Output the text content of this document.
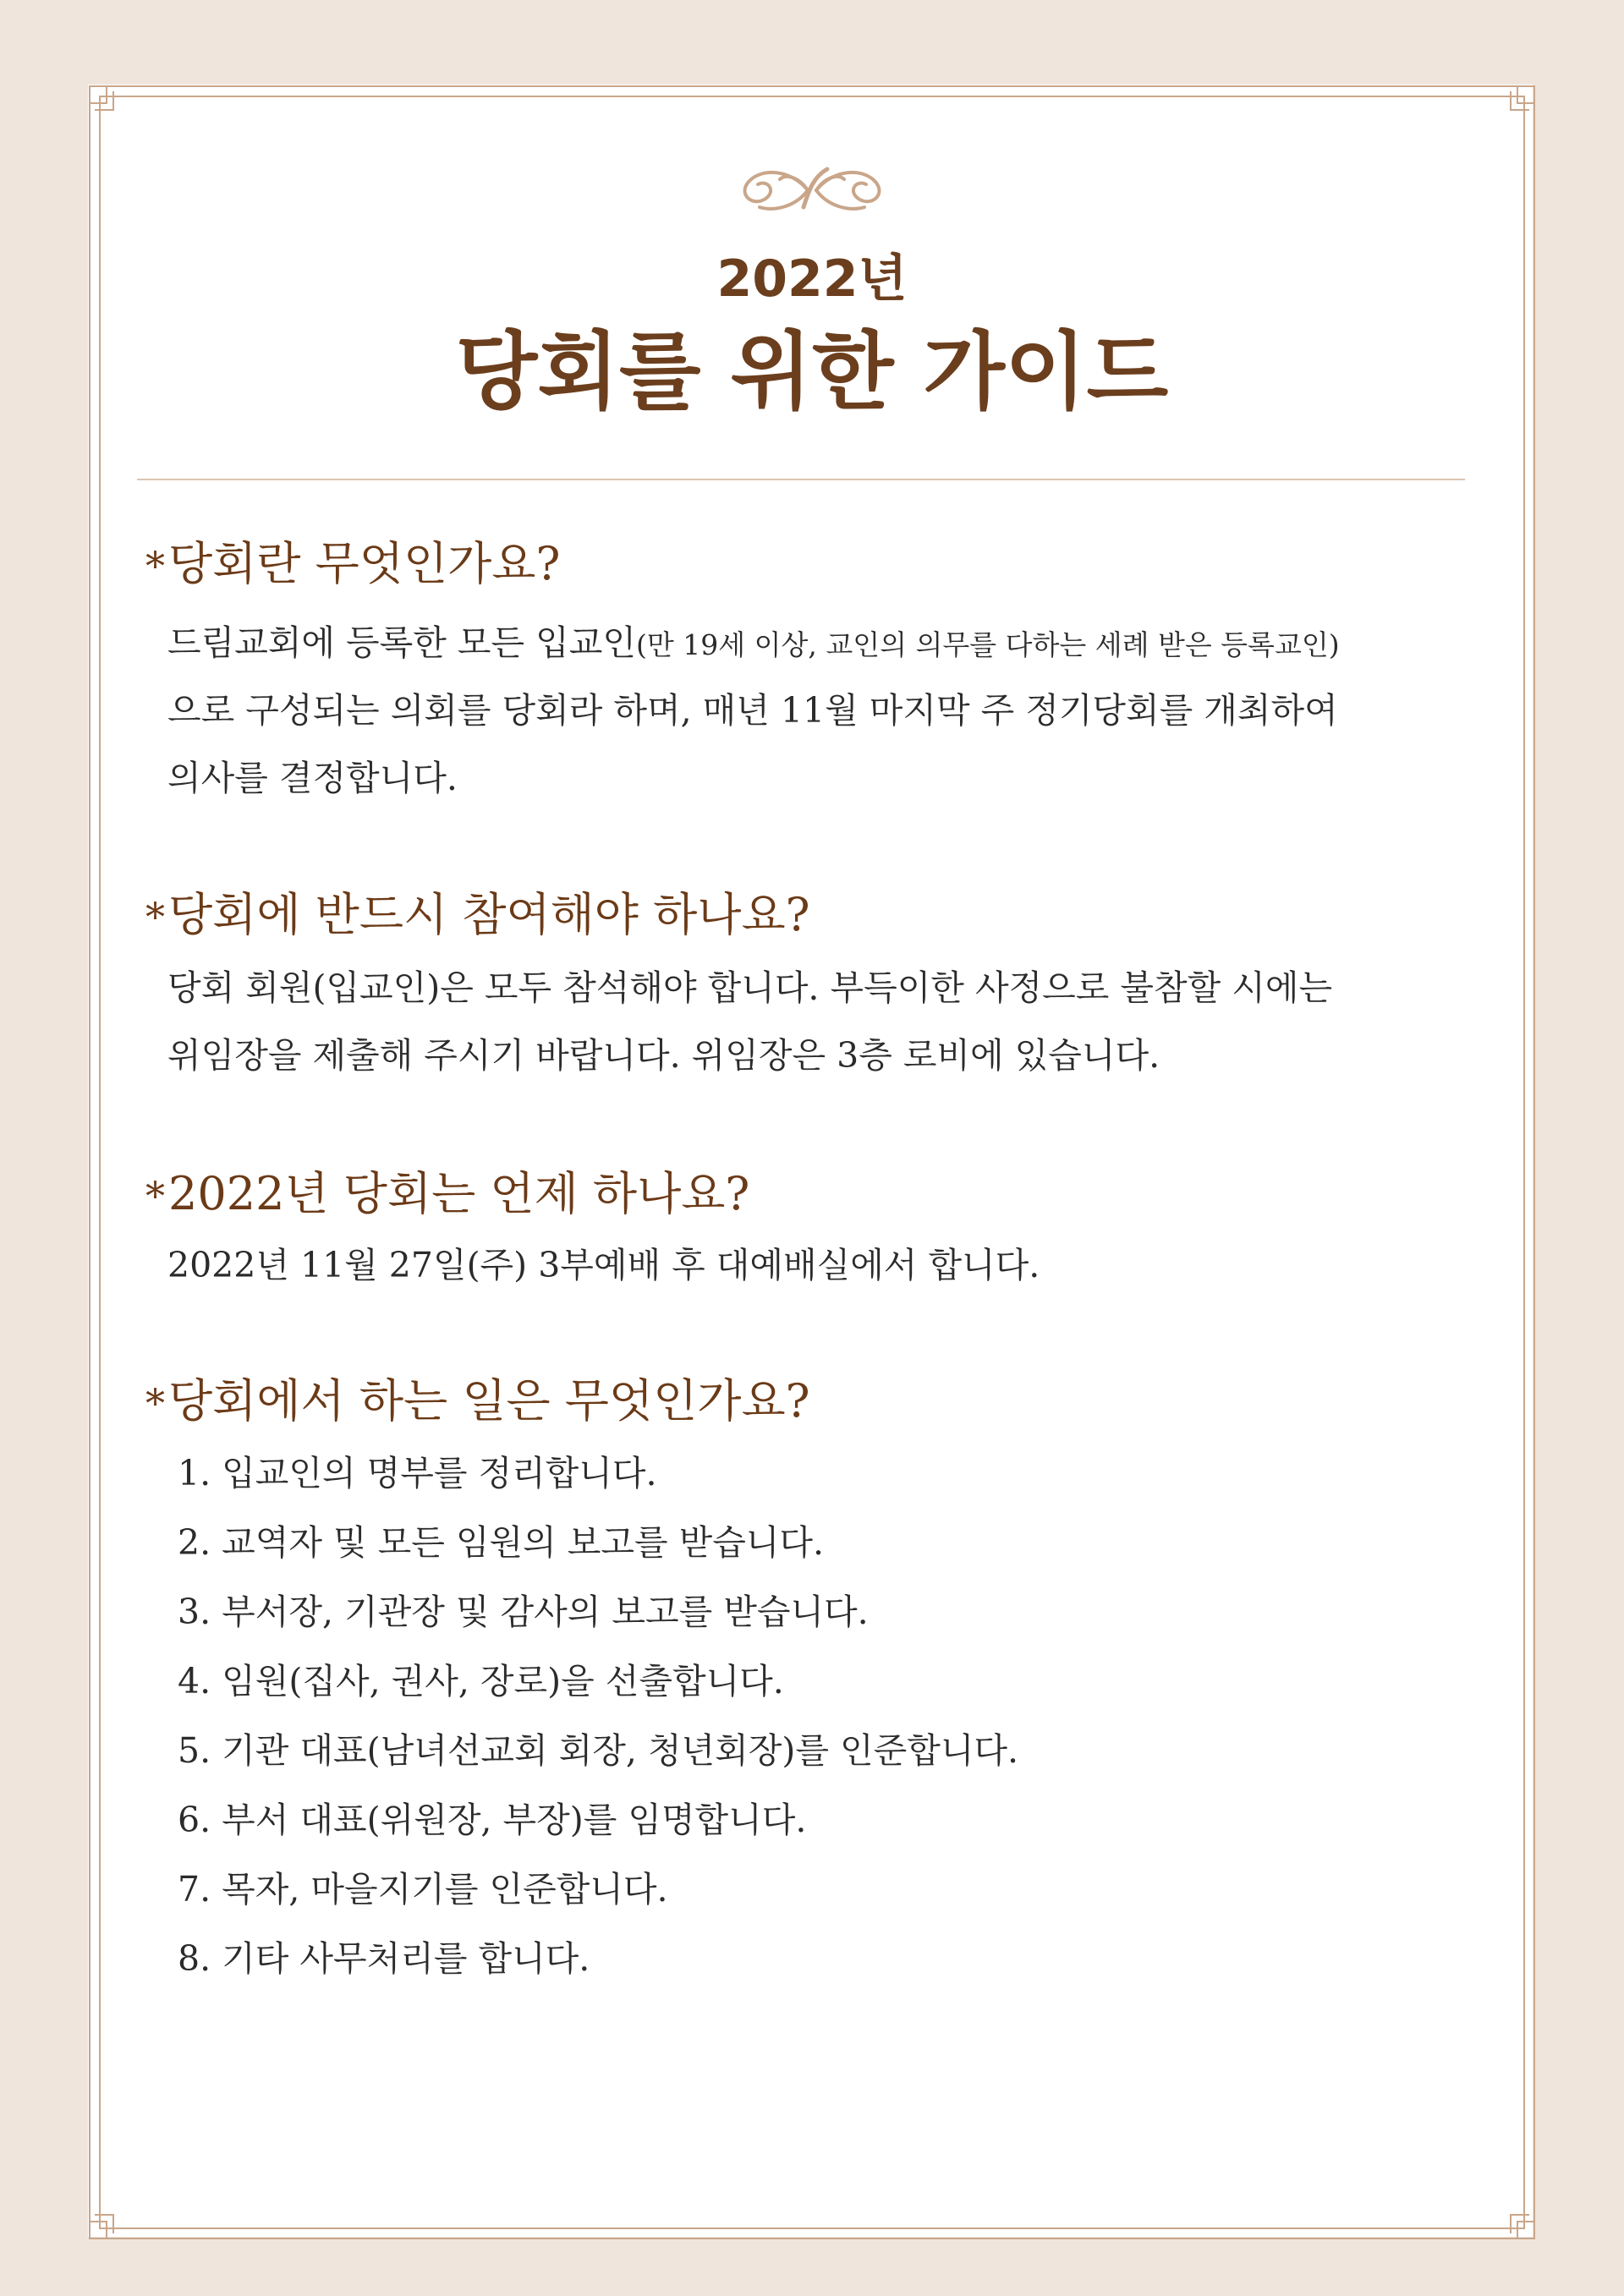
2022년
당회를 위한 가이드
*당회란 무엇인가요?
드림교회에 등록한 모든 입교인(만 19세 이상, 교인의 의무를 다하는 세례 받은 등록교인)
으로 구성되는 의회를 당회라 하며, 매년 11월 마지막 주 정기당회를 개최하여
의사를 결정합니다.
*당회에 반드시 참여해야 하나요?
당회 회원(입교인)은 모두 참석해야 합니다. 부득이한 사정으로 불참할 시에는
위임장을 제출해 주시기 바랍니다. 위임장은 3층 로비에 있습니다.
*2022년 당회는 언제 하나요?
2022년 11월 27일(주) 3부예배 후 대예배실에서 합니다.
*당회에서 하는 일은 무엇인가요?
1. 입교인의 명부를 정리합니다.
2. 교역자 및 모든 임원의 보고를 받습니다.
3. 부서장, 기관장 및 감사의 보고를 받습니다.
4. 임원(집사, 권사, 장로)을 선출합니다.
5. 기관 대표(남녀선교회 회장, 청년회장)를 인준합니다.
6. 부서 대표(위원장, 부장)를 임명합니다.
7. 목자, 마을지기를 인준합니다.
8. 기타 사무처리를 합니다.
